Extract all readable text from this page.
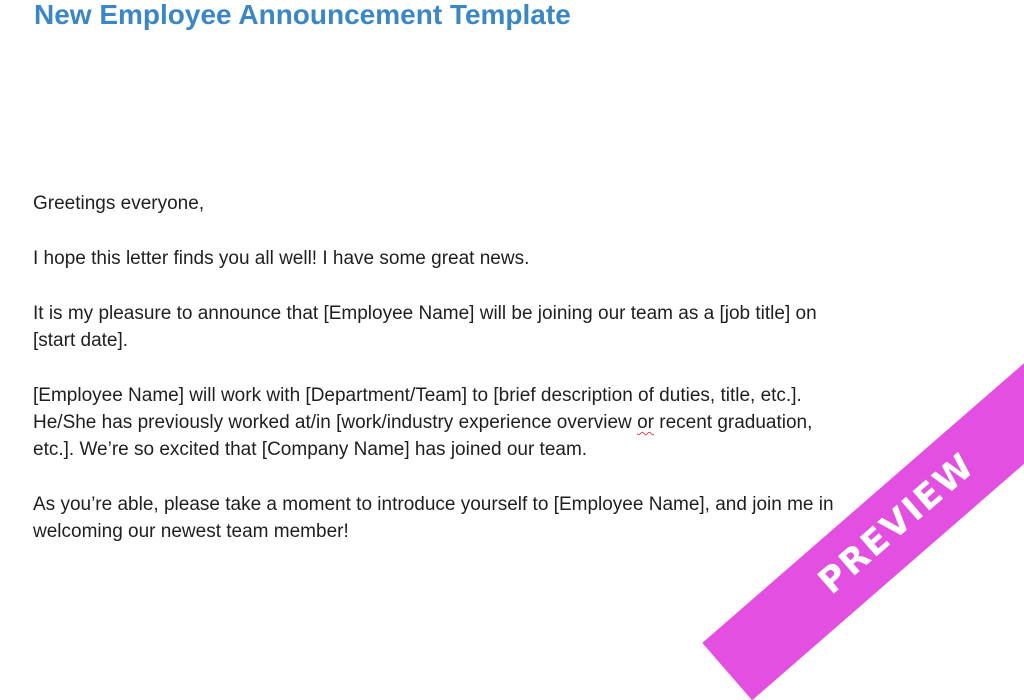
New Employee Announcement Template

Greetings everyone,

I hope this letter finds you all well! I have some great news.

It is my pleasure to announce that [Employee Name] will be joining our team as a [job title] on
[start date].

[Employee Name] will work with [Department/Team] to [brief description of duties, title, etc.].
He/She has previously worked at/in [work/industry experience overview or recent graduation,
etc.]. We’re so excited that [Company Name] has joined our team.

As you’re able, please take a moment to introduce yourself to [Employee Name], and join me in
welcoming our newest team member!	PREVIEW
